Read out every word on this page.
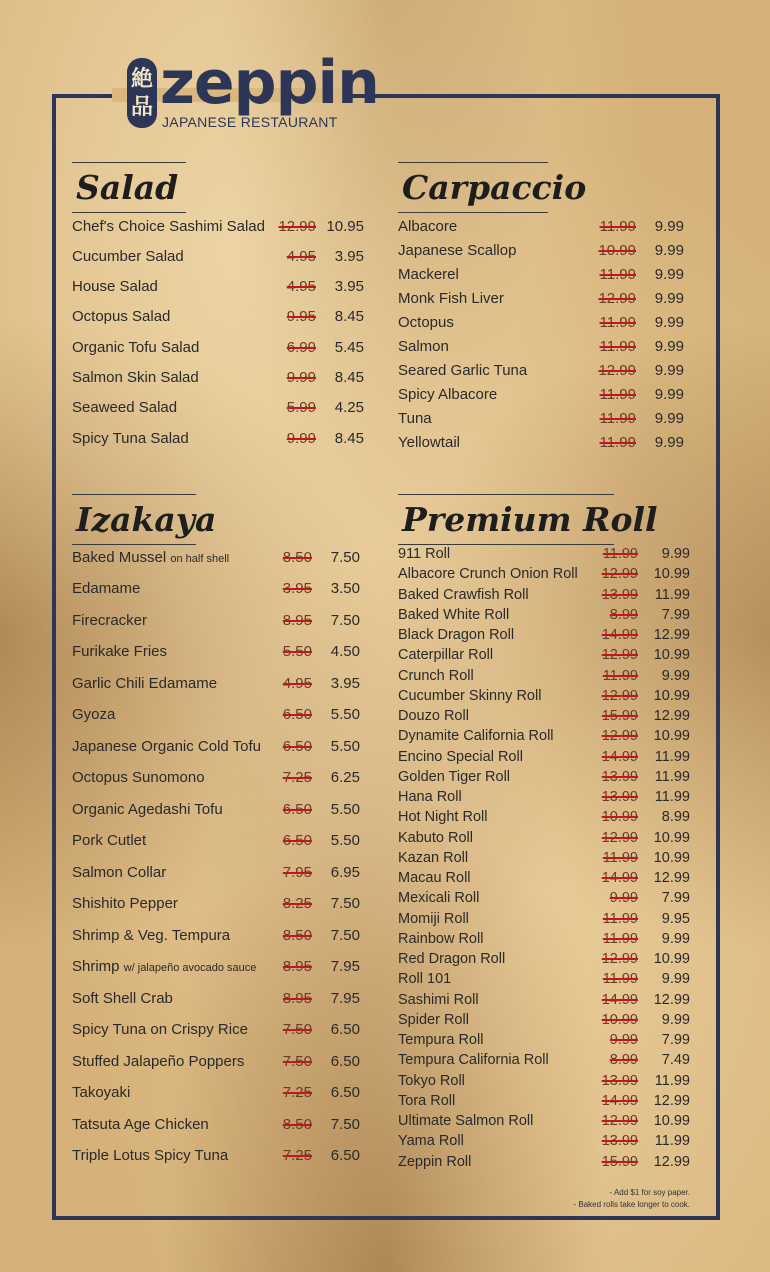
絶
品 zeppin
JAPANESE RESTAURANT
Salad
Chef's Choice Sashimi Salad 12.99 10.95
Cucumber Salad	4.95	3.95
House Salad	4.95	3.95
Octopus Salad	9.95	8.45
Organic Tofu Salad	6.99	5.45
Salmon Skin Salad	9.99	8.45
Seaweed Salad	5.99	4.25
Spicy Tuna Salad	9.99	8.45
Carpaccio
Albacore	11.99	9.99
Japanese Scallop	10.99	9.99
Mackerel	11.99	9.99
Monk Fish Liver	12.99	9.99
Octopus	11.99	9.99
Salmon	11.99	9.99
Seared Garlic Tuna	12.99	9.99
Spicy Albacore	11.99	9.99
Tuna	11.99	9.99
Yellowtail	11.99	9.99
Izakaya
Baked Mussel on half shell	8.50	7.50
Edamame	3.95	3.50
Firecracker	8.95	7.50
Furikake Fries	5.50	4.50
Garlic Chili Edamame	4.95	3.95
Gyoza	6.50	5.50
Japanese Organic Cold Tofu	6.50	5.50
Octopus Sunomono	7.25	6.25
Organic Agedashi Tofu	6.50	5.50
Pork Cutlet	6.50	5.50
Salmon Collar	7.95	6.95
Shishito Pepper	8.25	7.50
Shrimp & Veg. Tempura	8.50	7.50
Shrimp w/ jalapeño avocado sauce	8.95	7.95
Soft Shell Crab	8.95	7.95
Spicy Tuna on Crispy Rice	7.50	6.50
Stuffed Jalapeño Poppers	7.50	6.50
Takoyaki	7.25	6.50
Tatsuta Age Chicken	8.50	7.50
Triple Lotus Spicy Tuna	7.25	6.50
Premium Roll
911 Roll	11.99	9.99
Albacore Crunch Onion Roll	12.99	10.99
Baked Crawfish Roll	13.99	11.99
Baked White Roll	8.99	7.99
Black Dragon Roll	14.99	12.99
Caterpillar Roll	12.99	10.99
Crunch Roll	11.99	9.99
Cucumber Skinny Roll	12.99	10.99
Douzo Roll	15.99	12.99
Dynamite California Roll	12.99	10.99
Encino Special Roll	14.99	11.99
Golden Tiger Roll	13.99	11.99
Hana Roll	13.99	11.99
Hot Night Roll	10.99	8.99
Kabuto Roll	12.99	10.99
Kazan Roll	11.99	10.99
Macau Roll	14.99	12.99
Mexicali Roll	9.99	7.99
Momiji Roll	11.99	9.95
Rainbow Roll	11.99	9.99
Red Dragon Roll	12.99	10.99
Roll 101	11.99	9.99
Sashimi Roll	14.99	12.99
Spider Roll	10.99	9.99
Tempura Roll	9.99	7.99
Tempura California Roll	8.99	7.49
Tokyo Roll	13.99	11.99
Tora Roll	14.99	12.99
Ultimate Salmon Roll	12.99	10.99
Yama Roll	13.99	11.99
Zeppin Roll	15.99	12.99
- Add $1 for soy paper.
- Baked rolls take longer to cook.
